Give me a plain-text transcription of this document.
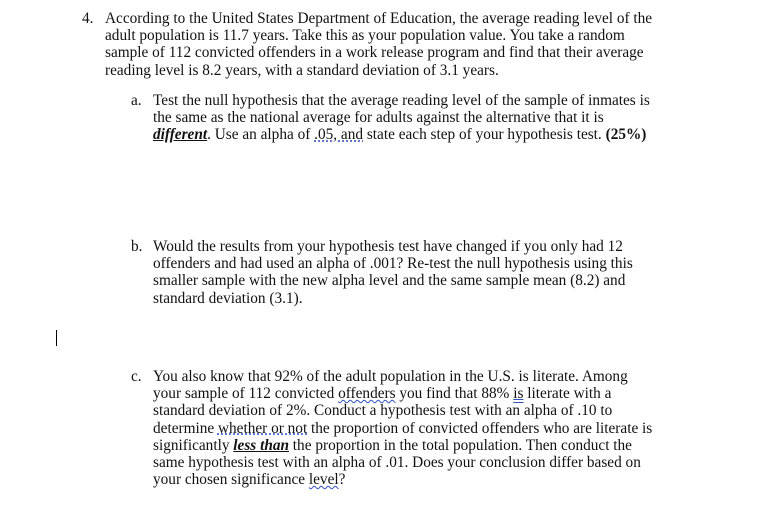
4. According to the United States Department of Education, the average reading level of the
adult population is 11.7 years. Take this as your population value. You take a random
sample of 112 convicted offenders in a work release program and find that their average
reading level is 8.2 years, with a standard deviation of 3.1 years.
a. Test the null hypothesis that the average reading level of the sample of inmates is
the same as the national average for adults against the alternative that it is
different. Use an alpha of .05, and state each step of your hypothesis test. (25%)
b. Would the results from your hypothesis test have changed if you only had 12
offenders and had used an alpha of .001? Re-test the null hypothesis using this
smaller sample with the new alpha level and the same sample mean (8.2) and
standard deviation (3.1).
c. You also know that 92% of the adult population in the U.S. is literate. Among
your sample of 112 convicted offenders you find that 88% is literate with a
standard deviation of 2%. Conduct a hypothesis test with an alpha of .10 to
determine whether or not the proportion of convicted offenders who are literate is
significantly less than the proportion in the total population. Then conduct the
same hypothesis test with an alpha of .01. Does your conclusion differ based on
your chosen significance level?
